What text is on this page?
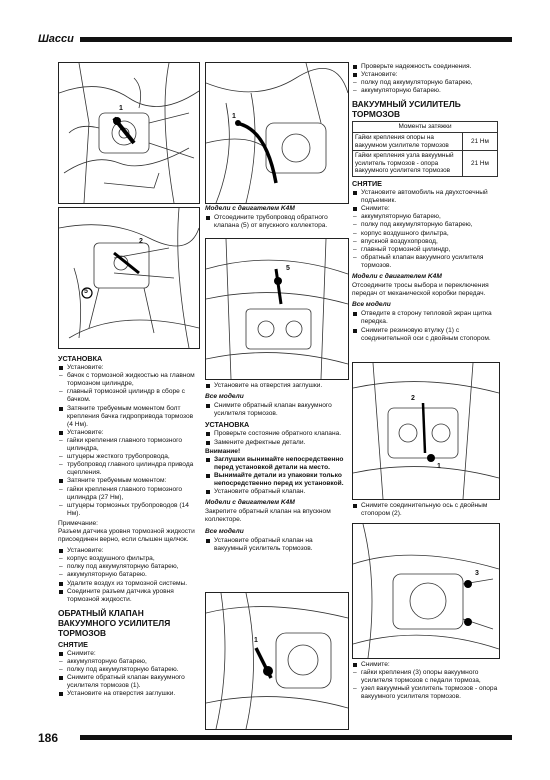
Шасси
186
1
2
5
УСТАНОВКА
Установите:
– бачок с тормозной жидкостью на главном тормозном цилиндре,
– главный тормозной цилиндр в сборе с бачком.
Затяните требуемым моментом болт крепления бачка гидропривода тормозов (4 Нм).
Установите:
– гайки крепления главного тормозного цилиндра,
– штуцеры жесткого трубопровода,
– трубопровод главного цилиндра привода сцепления.
Затяните требуемым моментом:
– гайки крепления главного тормозного цилиндра (27 Нм),
– штуцеры тормозных трубопроводов (14 Нм).

Примечание:

Разъем датчика уровня тормозной жидкости присоединен верно, если слышен щелчок.

Установите:
– корпус воздушного фильтра,
– полку под аккумуляторную батарею,
– аккумуляторную батарею.
Удалите воздух из тормозной системы.
Соедините разъем датчика уровня тормозной жидкости.
ОБРАТНЫЙ КЛАПАН ВАКУУМНОГО УСИЛИТЕЛЯ ТОРМОЗОВ
СНЯТИЕ
Снимите:
– аккумуляторную батарею,
– полку под аккумуляторную батарею.
Снимите обратный клапан вакуумного усилителя тормозов (1).
Установите на отверстия заглушки.
1
5
Модели с двигателем K4M
Отсоедините трубопровод обратного клапана (5) от впускного коллектора.
Установите на отверстия заглушки.
Все модели
Снимите обратный клапан вакуумного усилителя тормозов.
УСТАНОВКА
Проверьте состояние обратного клапана.
Замените дефектные детали.

Внимание!

Заглушки вынимайте непосредственно перед установкой детали на место.
Вынимайте детали из упаковки только непосредственно перед их установкой.
Установите обратный клапан.
Модели с двигателем K4M

Закрепите обратный клапан на впускном коллекторе.

Все модели
Установите обратный клапан на вакуумный усилитель тормозов.
1
Проверьте надежность соединения.
Установите:
– полку под аккумуляторную батарею,
– аккумуляторную батарею.
ВАКУУМНЫЙ УСИЛИТЕЛЬ ТОРМОЗОВ
Моменты затяжки	
Гайки крепления опоры на вакуумном усилителе тормозов	21 Нм
Гайки крепления узла вакуумный усилитель тормозов - опора вакуумного усилителя тормозов	21 Нм
СНЯТИЕ
Установите автомобиль на двухстоечный подъемник.
Снимите:
– аккумуляторную батарею,
– полку под аккумуляторную батарею,
– корпус воздушного фильтра,
– впускной воздухопровод,
– главный тормозной цилиндр,
– обратный клапан вакуумного усилителя тормозов.
Модели с двигателем K4M

Отсоедините тросы выбора и переключения передач от механической коробки передач.

Все модели
Отведите в сторону тепловой экран щитка передка.
Снимите резиновую втулку (1) с соединительной оси с двойным стопором.
2
1
Снимите соединительную ось с двойным стопором (2).
3
Снимите:
– гайки крепления (3) опоры вакуумного усилителя тормозов с педали тормоза,
– узел вакуумный усилитель тормозов - опора вакуумного усилителя тормозов.
